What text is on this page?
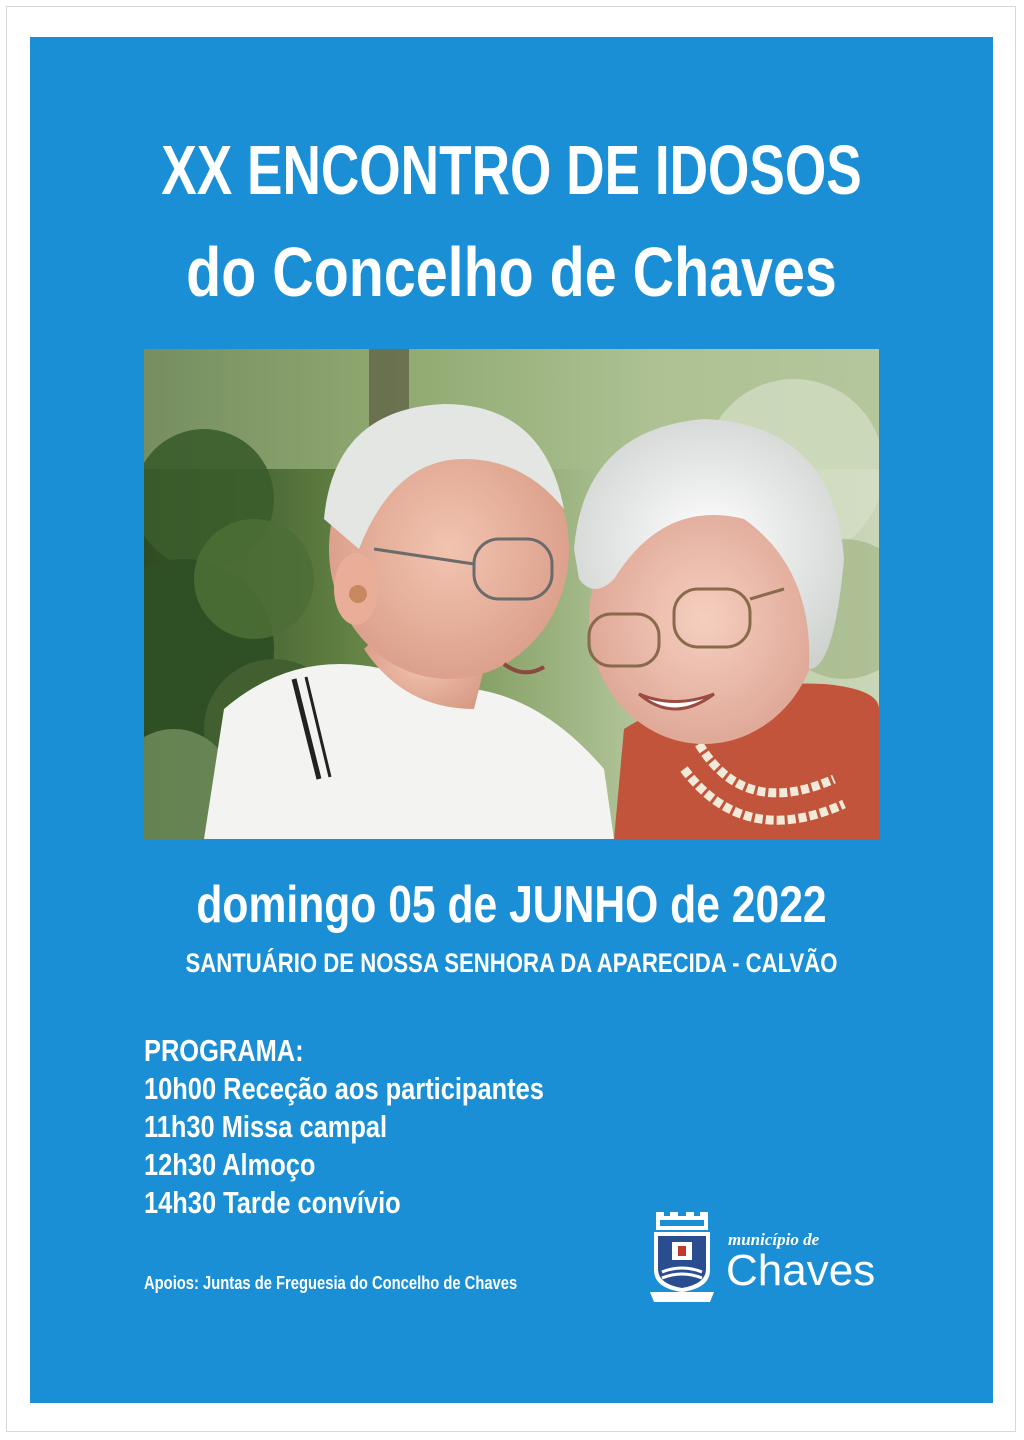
XX ENCONTRO DE IDOSOS
do Concelho de Chaves
domingo 05 de JUNHO de 2022
SANTUÁRIO DE NOSSA SENHORA DA APARECIDA - CALVÃO
PROGRAMA:
10h00 Receção aos participantes
11h30 Missa campal
12h30 Almoço
14h30 Tarde convívio
Apoios: Juntas de Freguesia do Concelho de Chaves
município de
Chaves
